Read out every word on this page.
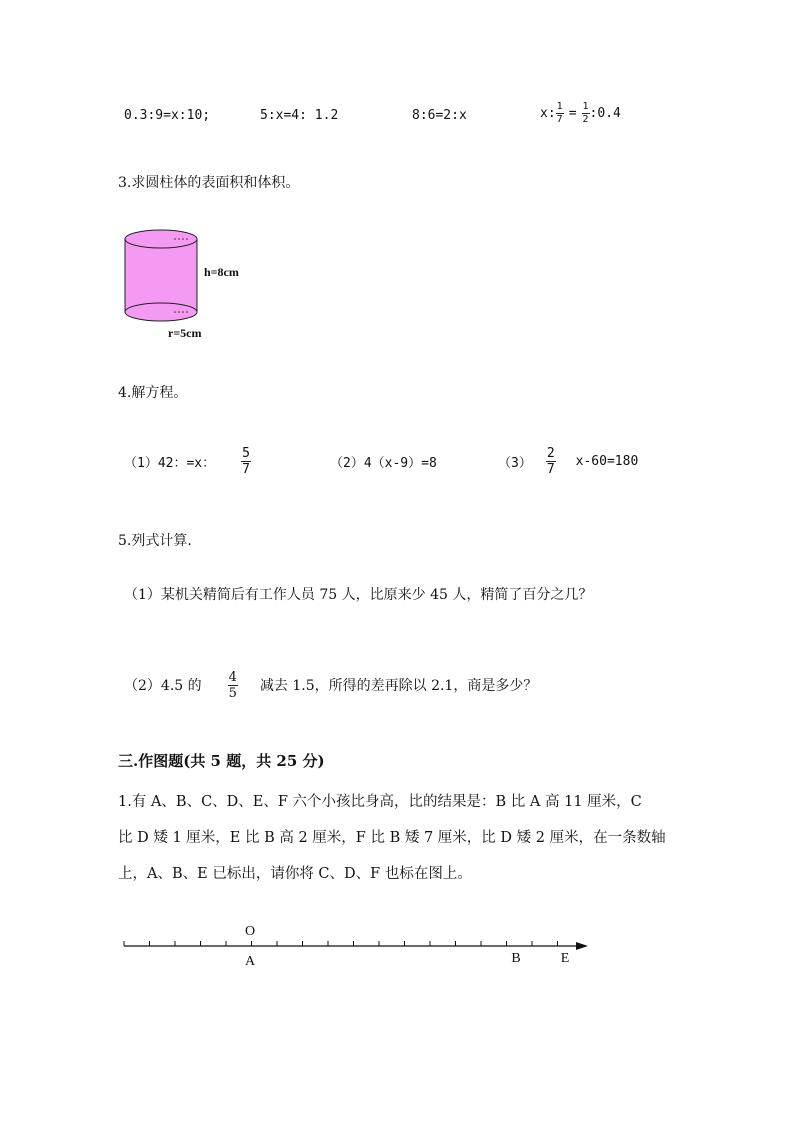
0.3:9=x:10;	5:x=4: 1.2	8:6=2:x	x: $\frac{1}{7} = \frac{1}{2}$ :0.4
3.求圆柱体的表面积和体积。
h=8cm
r=5cm
4.解方程。
（1）42：=x： $\frac{5}{7}$	（2）4（x-9）=8	$(3) \frac{2}{7} x-60=180$
5.列式计算.
（1）某机关精简后有工作人员 75 人，比原来少 45 人，精简了百分之几？
（2）4.5 的 $\frac{4}{5}$ 减去 1.5，所得的差再除以 2.1，商是多少？
三.作图题(共 5 题，共 25 分)
1.有 A、B、C、D、E、F 六个小孩比身高，比的结果是：B 比 A 高 11 厘米，C
比 D 矮 1 厘米，E 比 B 高 2 厘米，F 比 B 矮 7 厘米，比 D 矮 2 厘米，在一条数轴
上，A、B、E 已标出，请你将 C、D、F 也标在图上。
O
A	B	E
